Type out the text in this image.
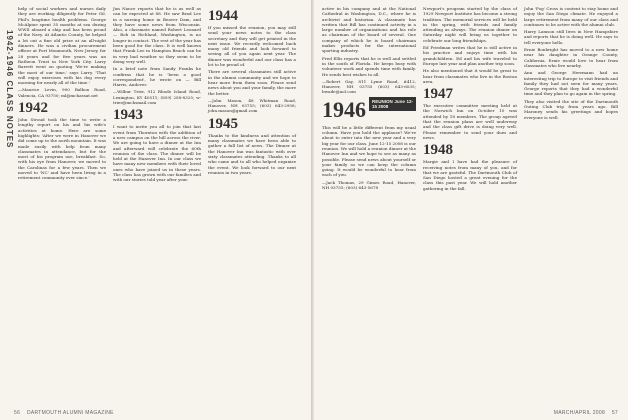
1942-1946 CLASS NOTES

help of social workers and nurses daily they are working diligently for Peter Gil. Phil's longtime health problems. George McAlpine spent 35 months at sea during WWII aboard a ship and has been proud of the Navy. At Atlantic County, he helped a lot out a fine old prize at an all-night dinners. He was a civilian procurement officer at Fort Monmouth, New Jersey, for 28 years and for five years was an Ratheon Trust in New York City. Larry Barrett went on quoting 'We're making the most of our time,' says Larry. 'That will enjoy exercises with his dog every morning for nearly all of the time.'

—Maurice Levin, 900 Balboa Road, Valencia, CA 93750; ml@mchassat.net

1942

John Stroud took the time to write a lengthy report on his and his wife's activities at home. Here are some highlights: 'After we were in Hanover we did come up to the north mountain. It was made easily with help from many classmates in attendance, but for the most of his program use, breakfast. So, with his eye from Hanover, we moved to the Carolinas for a few years. Then we moved to 'NC' and have been living in a retirement community ever since.'

Jim Nance reports that he is as well as can be expected at 88. He saw Brad Lee in a nursing home in Beaver Dam, and they have some news from Wisconsin. Also, a classmate named Robert Leonard — Bob in Richland, Washington, is no longer in contact. The rest of the year has been good for the class. It is well known that Frank Lee in Hampton Beach can be in very bad weather so they seem to be doing very well.

In a brief note from Sandy Franks he confirms that he is 'been a good correspondent', he wrote on — Bill Harris, Andover.

—Wilbur Trier, 912 Rhode Island Road, Lexington, KY 40511; (859) 258-8325; w-trier@mchsmail.com

1943

I want to invite you all to join that last event from Thornton with the addition of a new campus on the hill across the river. We are going to have a dinner at the Inn and afterward will celebrate the 60th reunion of the class. The dinner will be held at the Hanover Inn. In our class we have many new members with their loved ones who have joined us in these years. The class has grown with our families and with our stories told year after year.

1944

If you missed the reunion, you may still send your news notes to the class secretary and they will get printed in the next issue. We recently welcomed back many old friends and look forward to seeing all of you again next year. The dinner was wonderful and our class has a lot to be proud of.

There are several classmates still active in the alumni community and we hope to hear more from them soon. Please send news about you and your family, the more the better.

—John Mason, 48 Whitman Road, Hanover, NH 03755; (603) 643-2958; john.mason@gmail.com

1945

Thanks to the kindness and attention of many classmates we have been able to gather a full list of news. The Dinner at the Hanover Inn was fantastic with over sixty classmates attending. Thanks to all who came and to all who helped organize the event. We look forward to our next reunion in two years.

56 DARTMOUTH ALUMNI MAGAZINE

active in his company and at the National Cathedral in Washington, D.C., where he is archivist and historian. A classmate has written that Bill has continued activity in a large number of organizations and his role as chairman of the board of several. One company of which he is board chairman makes products for the international sporting industry.

Fred Ellis reports that he is well and settled in the south of Florida. He keeps busy with volunteer work and spends time with family. He sends best wishes to all.

—Robert Gay, 811 Lyme Road, #412, Hanover, NH 03755 (603) 643-6035; bwade@aol.com

1946	REUNION June 12-15 2008

This will be a little different from my usual column. Have you hold the applause? We're about to enter into the new year and a very big year for our class. June 12-15 2008 is our reunion. We will hold a reunion dinner at the Hanover Inn and we hope to see as many as possible. Please send news about yourself or your family so we can keep the column going. It would be wonderful to hear from each of you.

—Jack Thomas, 29 Gimes Road, Hanover, NH 03755; (603) 643-5678

Newport's program started by the class of 1929 Newport Institute has become a strong tradition. The memorial services will be held in the spring, with friends and family attending as always. The reunion dinner on Saturday night will bring us together to celebrate our long friendships.

Ed Friedman writes that he is still active in his practice and enjoys time with his grandchildren. Ed and his wife traveled to Europe last year and plan another trip soon.

He also mentioned that it would be great to hear from classmates who live in the Boston area.

1947

The executive committee meeting held at the Norwich Inn on October 10 was attended by 18 members. The group agreed that the reunion plans are well underway and the class gift drive is doing very well. Please remember to send your dues and news.

1948

Margie and I have had the pleasure of receiving notes from many of you, and for that we are grateful. The Dartmouth Club of San Diego hosted a great evening for the class this past year. We will hold another gathering in the fall.

John 'Fog' Cross is content to stay home and enjoy the San Diego climate. He enjoyed a large retirement from many of our class and continues to be active with the alumni club.

Harry Lamson still lives in New Hampshire and reports that he is doing well. He says to tell everyone hello.

Ernie Bonbright has moved to a new home near his daughter in Orange County, California. Ernie would love to hear from classmates who live nearby.

Ann and George Herrmann had an interesting trip to Europe to visit friends and family they had not seen for many years. George reports that they had a wonderful time and they plan to go again in the spring.

They also visited the site of the Dartmouth Outing Club trip from years ago. Bill Maroney sends his greetings and hopes everyone is well.

MARCH/APRIL 2008 57
